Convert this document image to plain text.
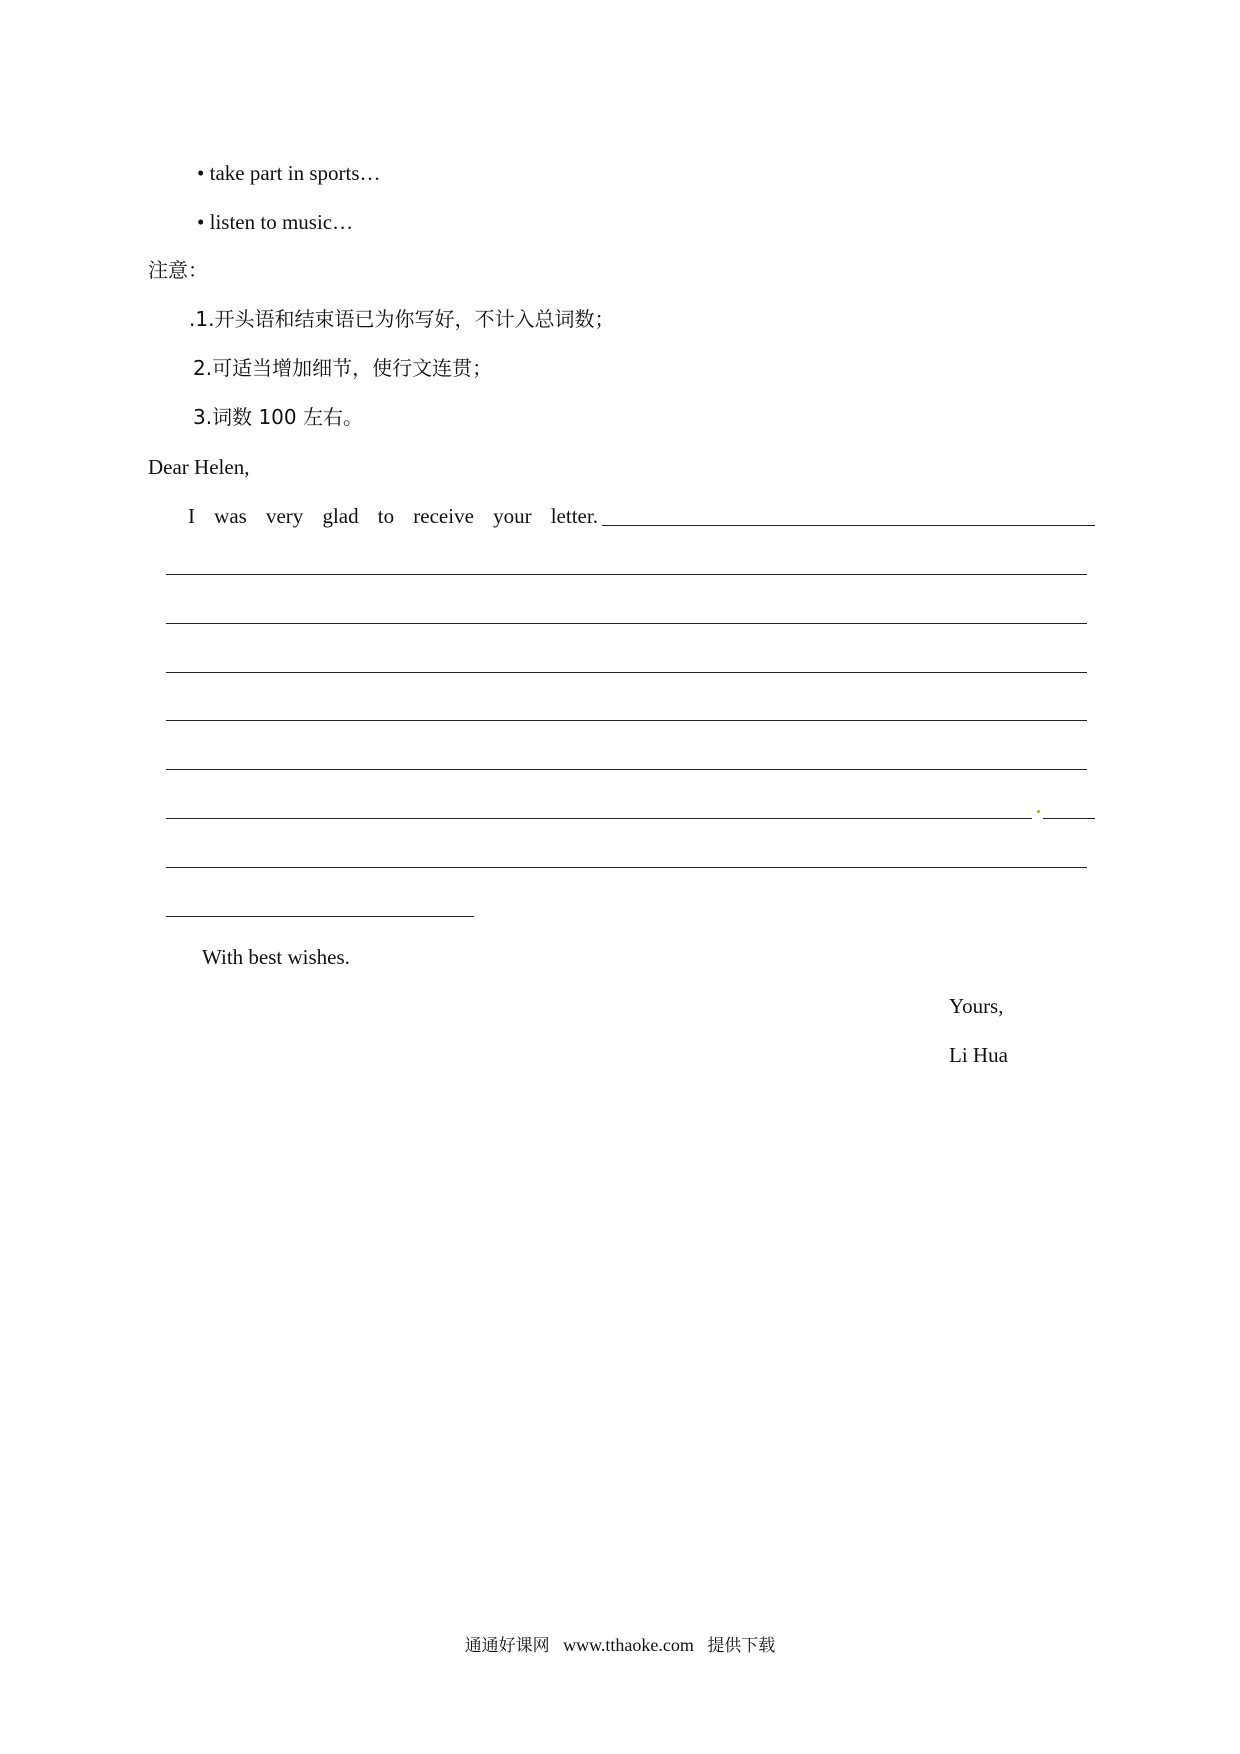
• take part in sports…
• listen to music…
注意：
.1.开头语和结束语已为你写好，不计入总词数；
2.可适当增加细节，使行文连贯；
3.词数 100 左右。
Dear Helen,
I was very glad to receive your letter.
With best wishes.
Yours,
Li Hua
通通好课网 www.tthaoke.com 提供下载
